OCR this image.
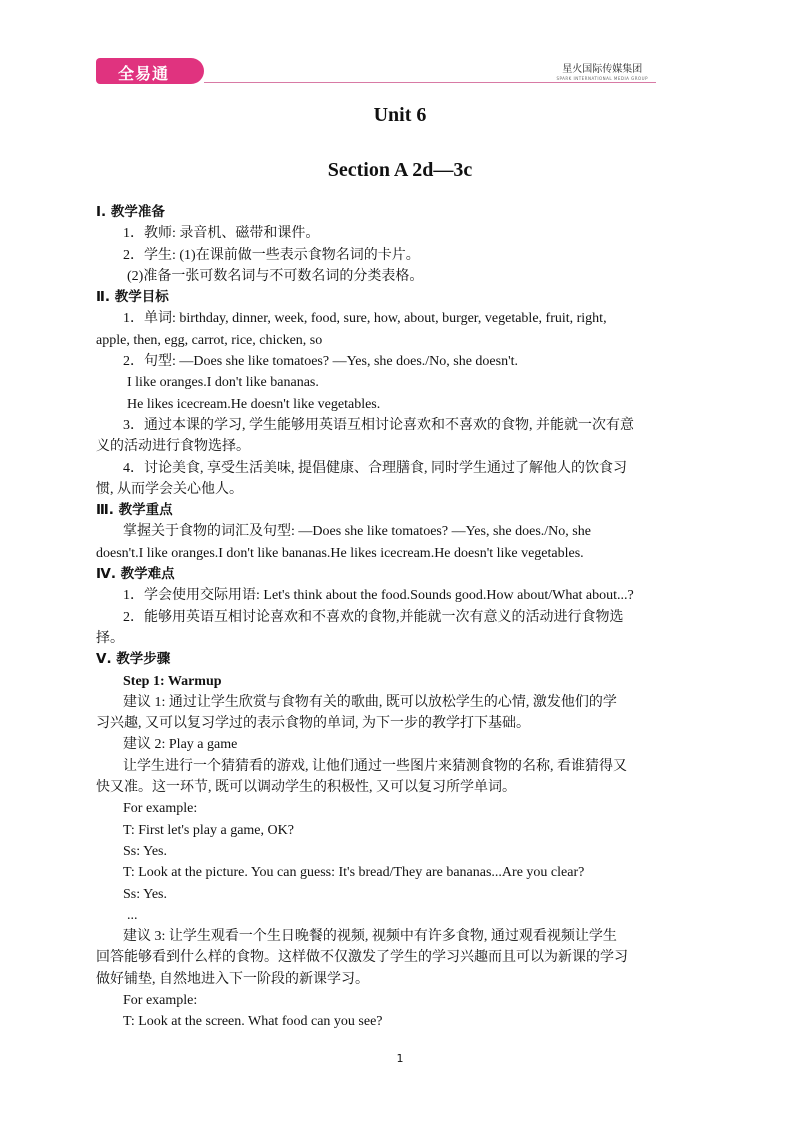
全易通	星火国际传媒集团
SPARK INTERNATIONAL MEDIA GROUP
Unit 6
Section A 2d—3c

Ⅰ. 教学准备

1．教师: 录音机、磁带和课件。

2．学生: (1)在课前做一些表示食物名词的卡片。

(2)准备一张可数名词与不可数名词的分类表格。

Ⅱ. 教学目标

1．单词: birthday, dinner, week, food, sure, how, about, burger, vegetable, fruit, right,

apple, then, egg, carrot, rice, chicken, so

2．句型: —Does she like tomatoes? —Yes, she does./No, she doesn't.

I like oranges.I don't like bananas.

He likes icecream.He doesn't like vegetables.

3．通过本课的学习, 学生能够用英语互相讨论喜欢和不喜欢的食物, 并能就一次有意

义的活动进行食物选择。

4．讨论美食, 享受生活美味, 提倡健康、合理膳食, 同时学生通过了解他人的饮食习

惯, 从而学会关心他人。

Ⅲ. 教学重点

掌握关于食物的词汇及句型: —Does she like tomatoes? —Yes, she does./No, she

doesn't.I like oranges.I don't like bananas.He likes icecream.He doesn't like vegetables.

Ⅳ. 教学难点

1．学会使用交际用语: Let's think about the food.Sounds good.How about/What about...?

2．能够用英语互相讨论喜欢和不喜欢的食物,并能就一次有意义的活动进行食物选

择。

Ⅴ. 教学步骤

Step 1: Warmup

建议 1: 通过让学生欣赏与食物有关的歌曲, 既可以放松学生的心情, 激发他们的学

习兴趣, 又可以复习学过的表示食物的单词, 为下一步的教学打下基础。

建议 2: Play a game

让学生进行一个猜猜看的游戏, 让他们通过一些图片来猜测食物的名称, 看谁猜得又

快又准。这一环节, 既可以调动学生的积极性, 又可以复习所学单词。

For example:

T: First let's play a game, OK?

Ss: Yes.

T: Look at the picture. You can guess: It's bread/They are bananas...Are you clear?

Ss: Yes.

...

建议 3: 让学生观看一个生日晚餐的视频, 视频中有许多食物, 通过观看视频让学生

回答能够看到什么样的食物。这样做不仅激发了学生的学习兴趣而且可以为新课的学习

做好铺垫, 自然地进入下一阶段的新课学习。

For example:

T: Look at the screen. What food can you see?

1
